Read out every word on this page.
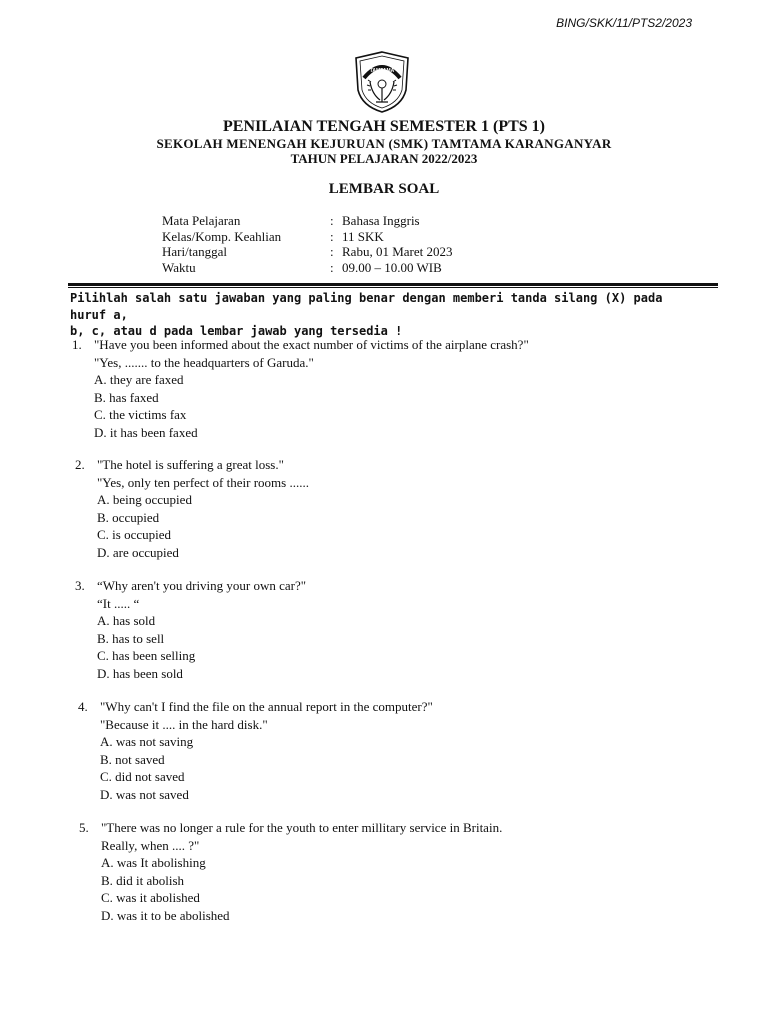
BING/SKK/11/PTS2/2023
TAMTAMA
PENILAIAN TENGAH SEMESTER 1 (PTS 1)
SEKOLAH MENENGAH KEJURUAN (SMK) TAMTAMA KARANGANYAR
TAHUN PELAJARAN 2022/2023
LEMBAR SOAL
Mata Pelajaran	: Bahasa Inggris
Kelas/Komp. Keahlian	: 11 SKK
Hari/tanggal	: Rabu, 01 Maret 2023
Waktu	: 09.00 – 10.00 WIB
Pilihlah salah satu jawaban yang paling benar dengan memberi tanda silang (X) pada huruf a,
b, c, atau d pada lembar jawab yang tersedia !
1. "Have you been informed about the exact number of victims of the airplane crash?"
"Yes, ....... to the headquarters of Garuda."
A. they are faxed
B. has faxed
C. the victims fax
D. it has been faxed
2. "The hotel is suffering a great loss."
"Yes, only ten perfect of their rooms ......
A. being occupied
B. occupied
C. is occupied
D. are occupied
3. “Why aren't you driving your own car?"
“It ..... “
A. has sold
B. has to sell
C. has been selling
D. has been sold
4. "Why can't I find the file on the annual report in the computer?"
"Because it .... in the hard disk."
A. was not saving
B. not saved
C. did not saved
D. was not saved
5. "There was no longer a rule for the youth to enter millitary service in Britain.
Really, when .... ?"
A. was It abolishing
B. did it abolish
C. was it abolished
D. was it to be abolished
